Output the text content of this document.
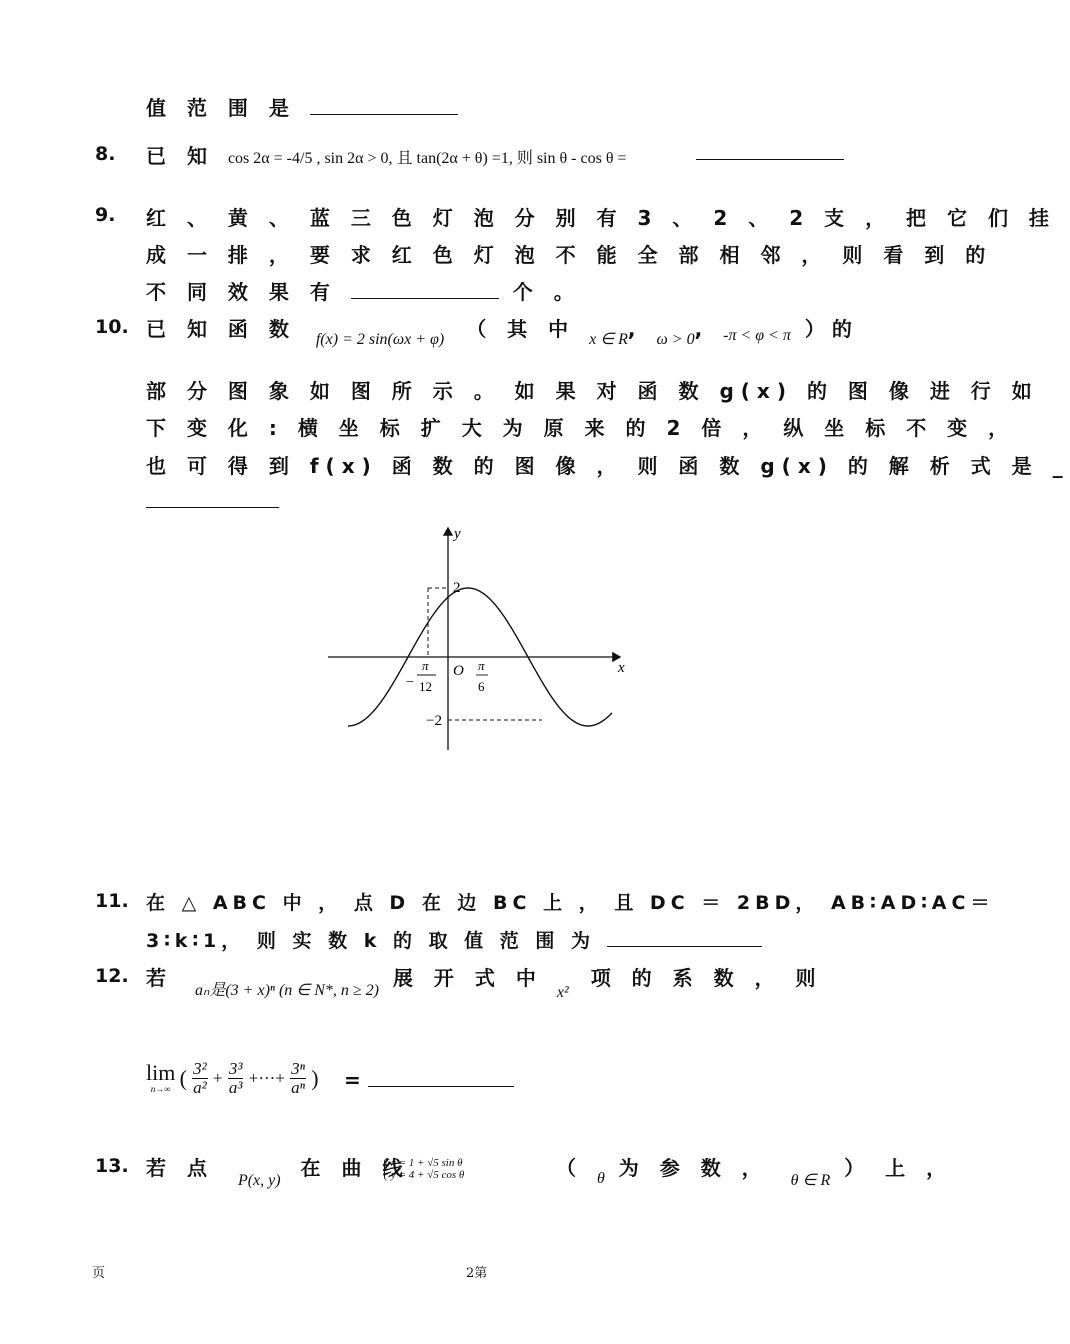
值 范 围 是
8. 已 知 cos 2α = -4/5 , sin 2α > 0, 且 tan(2α + θ) =1, 则 sin θ - cos θ =
9. 红 、 黄 、 蓝 三 色 灯 泡 分 别 有 3 、 2 、 2 支 ， 把 它 们 挂
成 一 排 ， 要 求 红 色 灯 泡 不 能 全 部 相 邻 ， 则 看 到 的
不 同 效 果 有	个 。
10. 已 知 函 数 $_{f(x) = 2 sin(\omega x + \varphi)}$ （ 其 中 $_{x \in R}$, $_{\omega > 0}$, $_{-\pi < \varphi < \pi}$ ）的
部 分 图 象 如 图 所 示 。 如 果 对 函 数 g(x) 的 图 像 进 行 如
下 变 化 : 横 坐 标 扩 大 为 原 来 的 2 倍 ， 纵 坐 标 不 变 ，
也 可 得 到 f(x) 函 数 的 图 像 ， 则 函 数 g(x) 的 解 析 式 是 _
y
x
O
2
−2
−
π
12
π
6
11. 在 △ ABC 中 ， 点 D 在 边 BC 上 ， 且 DC ＝ 2BD， AB∶AD∶AC＝
3∶k∶1， 则 实 数 k 的 取 值 范 围 为
12. 若 $_{a_n是(3 + x)^n (n \in N*, n \ge 2)}$ 展 开 式 中 $_{x^2}$ 项 的 系 数 ， 则
lim
n→∞ ( $\frac{\text{3²}}{\text{a²}} + \frac{\text{3³}}{\text{a³}}$ +···+ $\frac{\text{3ⁿ}}{\text{aⁿ}}$ ) =
13. 若 点 $_{P(x, y)}$ 在 曲 线
x = 1 + √5 sin θ
y = 4 + √5 cos θ	（ $_\theta$ 为 参 数 ， $_{\theta \in R}$ ） 上 ，
页	2第
